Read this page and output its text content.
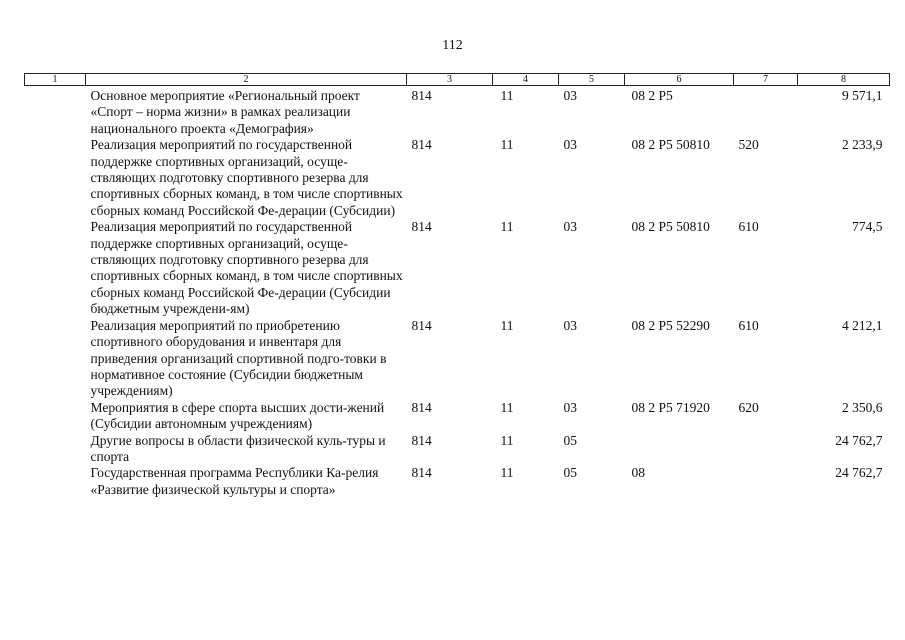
112
1	2	3	4	5	6	7	8
	Основное мероприятие «Региональный проект «Спорт – норма жизни» в рамках реализации национального проекта «Демография»	814	11	03	08 2 P5		9 571,1
	Реализация мероприятий по государственной поддержке спортивных организаций, осуще-ствляющих подготовку спортивного резерва для спортивных сборных команд, в том числе спортивных сборных команд Российской Фе-дерации (Субсидии)	814	11	03	08 2 P5 50810	520	2 233,9
	Реализация мероприятий по государственной поддержке спортивных организаций, осуще-ствляющих подготовку спортивного резерва для спортивных сборных команд, в том числе спортивных сборных команд Российской Фе-дерации (Субсидии бюджетным учреждени-ям)	814	11	03	08 2 P5 50810	610	774,5
	Реализация мероприятий по приобретению спортивного оборудования и инвентаря для приведения организаций спортивной подго-товки в нормативное состояние (Субсидии бюджетным учреждениям)	814	11	03	08 2 P5 52290	610	4 212,1
	Мероприятия в сфере спорта высших дости-жений (Субсидии автономным учреждениям)	814	11	03	08 2 P5 71920	620	2 350,6
	Другие вопросы в области физической куль-туры и спорта	814	11	05			24 762,7
	Государственная программа Республики Ка-релия «Развитие физической культуры и спорта»	814	11	05	08		24 762,7
